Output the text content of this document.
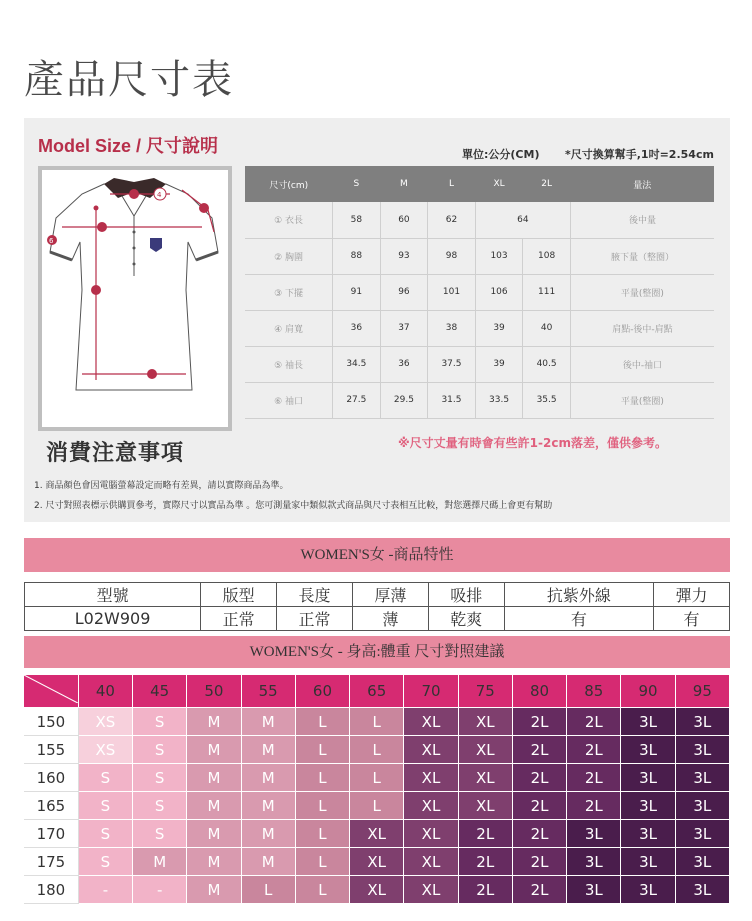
產品尺寸表
Model Size / 尺寸說明	單位:公分(CM) *尺寸換算幫手,1吋=2.54cm
4
6
尺寸(cm)	S	M	L	XL	2L	量法
① 衣長	58	60	62	64		後中量
② 胸圍	88	93	98	103	108	腋下量（整圈）
③ 下擺	91	96	101	106	111	平量(整圈)
④ 肩寬	36	37	38	39	40	肩點-後中-肩點
⑤ 袖長	34.5	36	37.5	39	40.5	後中-袖口
⑥ 袖口	27.5	29.5	31.5	33.5	35.5	平量(整圈)
消費注意事項	※尺寸丈量有時會有些許1-2cm落差，僅供參考。
1. 商品顏色會因電腦螢幕設定而略有差異，請以實際商品為準。
2. 尺寸對照表標示供購買參考，實際尺寸以實品為準 。您可測量家中類似款式商品與尺寸表相互比較，對您選擇尺碼上會更有幫助
WOMEN'S女 -商品特性
型號	版型	長度	厚薄	吸排	抗紫外線	彈力
L02W909	正常	正常	薄	乾爽	有	有
WOMEN'S女 - 身高:體重 尺寸對照建議
	40	45	50	55	60	65	70	75	80	85	90	95
150	XS	S	M	M	L	L	XL	XL	2L	2L	3L	3L
155	XS	S	M	M	L	L	XL	XL	2L	2L	3L	3L
160	S	S	M	M	L	L	XL	XL	2L	2L	3L	3L
165	S	S	M	M	L	L	XL	XL	2L	2L	3L	3L
170	S	S	M	M	L	XL	XL	2L	2L	3L	3L	3L
175	S	M	M	M	L	XL	XL	2L	2L	3L	3L	3L
180	-	-	M	L	L	XL	XL	2L	2L	3L	3L	3L
